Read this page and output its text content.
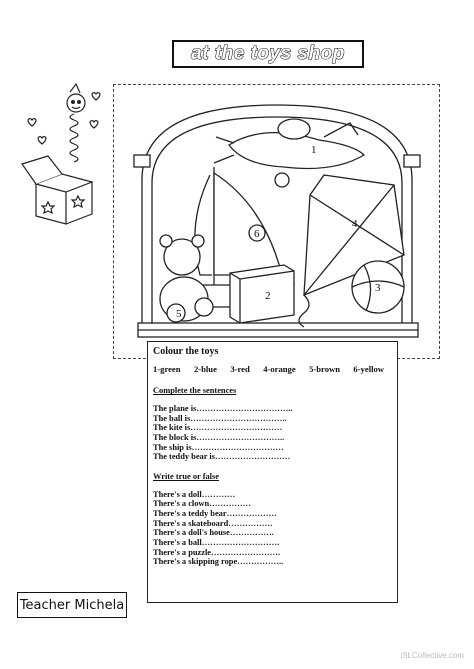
at the toys shop
1
2
3
4
5
6
Colour the toys
1-green 2-blue 3-red 4-orange 5-brown 6-yellow
Complete the sentences

The plane is……………………………..

The ball is……………………………..

The kite is……………………………

The block is…………………………..

The ship is……………………………

The teddy bear is………………………

Write true or false

There's a doll…………

There's a clown……………

There's a teddy bear………………

There's a skateboard…………….

There's a doll's house…………….

There's a ball……………………….

There's a puzzle…………………….

There's a skipping rope……………..

Teacher Michela
iSLCollective.com
